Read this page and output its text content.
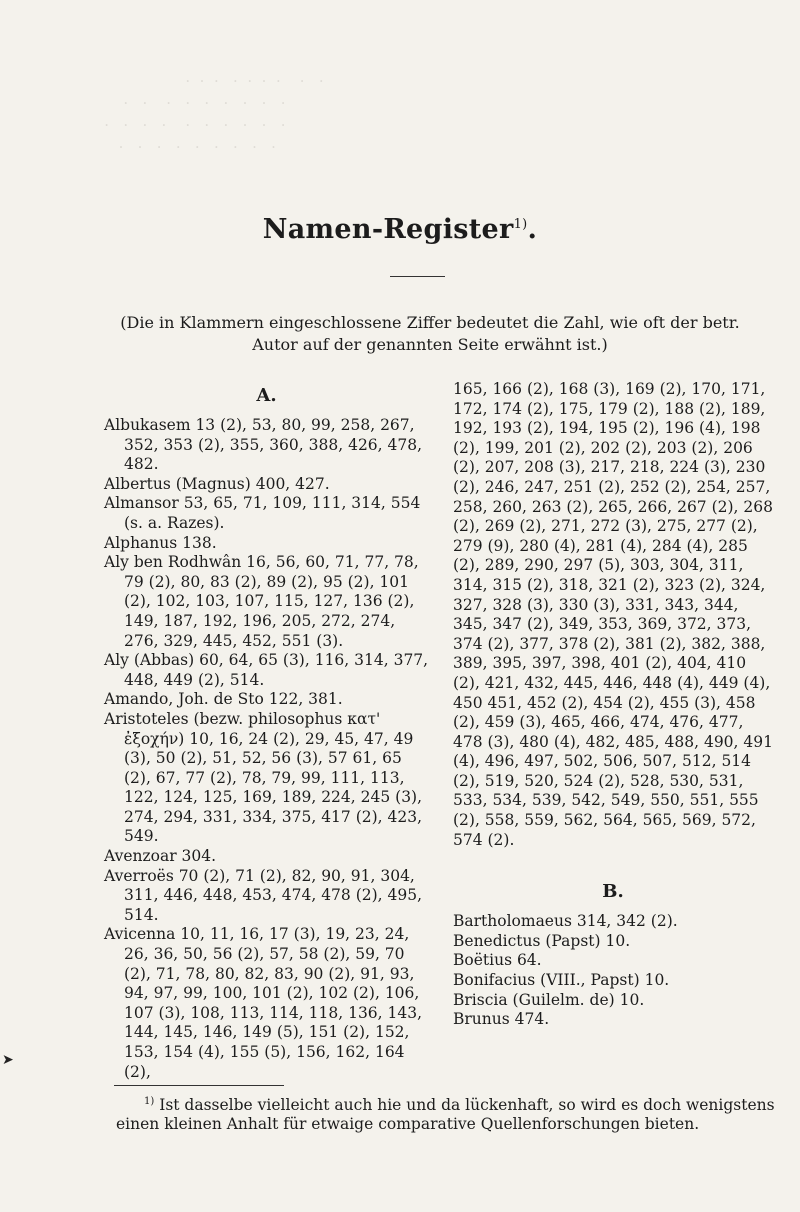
·  ·  ·   ·  ·  ·  ·    ·   ·
·   ·    ·   ·   ·   ·   ·   ·   ·
·   ·   ·   ·    ·   ·   ·   ·   ·   ·
·   ·   ·   ·   ·   ·   ·   ·   ·
Namen-Register$^{1)}$.
(Die in Klammern eingeschlossene Ziffer bedeutet die Zahl, wie oft der betr. Autor auf der genannten Seite erwähnt ist.)
A.

Albukasem 13 (2), 53, 80, 99, 258, 267, 352, 353 (2), 355, 360, 388, 426, 478, 482.

Albertus (Magnus) 400, 427.

Almansor 53, 65, 71, 109, 111, 314, 554 (s. a. Razes).

Alphanus 138.

Aly ben Rodhwân 16, 56, 60, 71, 77, 78, 79 (2), 80, 83 (2), 89 (2), 95 (2), 101 (2), 102, 103, 107, 115, 127, 136 (2), 149, 187, 192, 196, 205, 272, 274, 276, 329, 445, 452, 551 (3).

Aly (Abbas) 60, 64, 65 (3), 116, 314, 377, 448, 449 (2), 514.

Amando, Joh. de Sto 122, 381.

Aristoteles (bezw. philosophus κατ' ἐξοχήν) 10, 16, 24 (2), 29, 45, 47, 49 (3), 50 (2), 51, 52, 56 (3), 57 61, 65 (2), 67, 77 (2), 78, 79, 99, 111, 113, 122, 124, 125, 169, 189, 224, 245 (3), 274, 294, 331, 334, 375, 417 (2), 423, 549.

Avenzoar 304.

Averroës 70 (2), 71 (2), 82, 90, 91, 304, 311, 446, 448, 453, 474, 478 (2), 495, 514.

Avicenna 10, 11, 16, 17 (3), 19, 23, 24, 26, 36, 50, 56 (2), 57, 58 (2), 59, 70 (2), 71, 78, 80, 82, 83, 90 (2), 91, 93, 94, 97, 99, 100, 101 (2), 102 (2), 106, 107 (3), 108, 113, 114, 118, 136, 143, 144, 145, 146, 149 (5), 151 (2), 152, 153, 154 (4), 155 (5), 156, 162, 164 (2),

165, 166 (2), 168 (3), 169 (2), 170, 171, 172, 174 (2), 175, 179 (2), 188 (2), 189, 192, 193 (2), 194, 195 (2), 196 (4), 198 (2), 199, 201 (2), 202 (2), 203 (2), 206 (2), 207, 208 (3), 217, 218, 224 (3), 230 (2), 246, 247, 251 (2), 252 (2), 254, 257, 258, 260, 263 (2), 265, 266, 267 (2), 268 (2), 269 (2), 271, 272 (3), 275, 277 (2), 279 (9), 280 (4), 281 (4), 284 (4), 285 (2), 289, 290, 297 (5), 303, 304, 311, 314, 315 (2), 318, 321 (2), 323 (2), 324, 327, 328 (3), 330 (3), 331, 343, 344, 345, 347 (2), 349, 353, 369, 372, 373, 374 (2), 377, 378 (2), 381 (2), 382, 388, 389, 395, 397, 398, 401 (2), 404, 410 (2), 421, 432, 445, 446, 448 (4), 449 (4), 450 451, 452 (2), 454 (2), 455 (3), 458 (2), 459 (3), 465, 466, 474, 476, 477, 478 (3), 480 (4), 482, 485, 488, 490, 491 (4), 496, 497, 502, 506, 507, 512, 514 (2), 519, 520, 524 (2), 528, 530, 531, 533, 534, 539, 542, 549, 550, 551, 555 (2), 558, 559, 562, 564, 565, 569, 572, 574 (2).

B.

Bartholomaeus 314, 342 (2).

Benedictus (Papst) 10.

Boëtius 64.

Bonifacius (VIII., Papst) 10.

Briscia (Guilelm. de) 10.

Brunus 474.

➤
$^{1)}$ Ist dasselbe vielleicht auch hie und da lückenhaft, so wird es doch wenigstens einen kleinen Anhalt für etwaige comparative Quellenforschungen bieten.
